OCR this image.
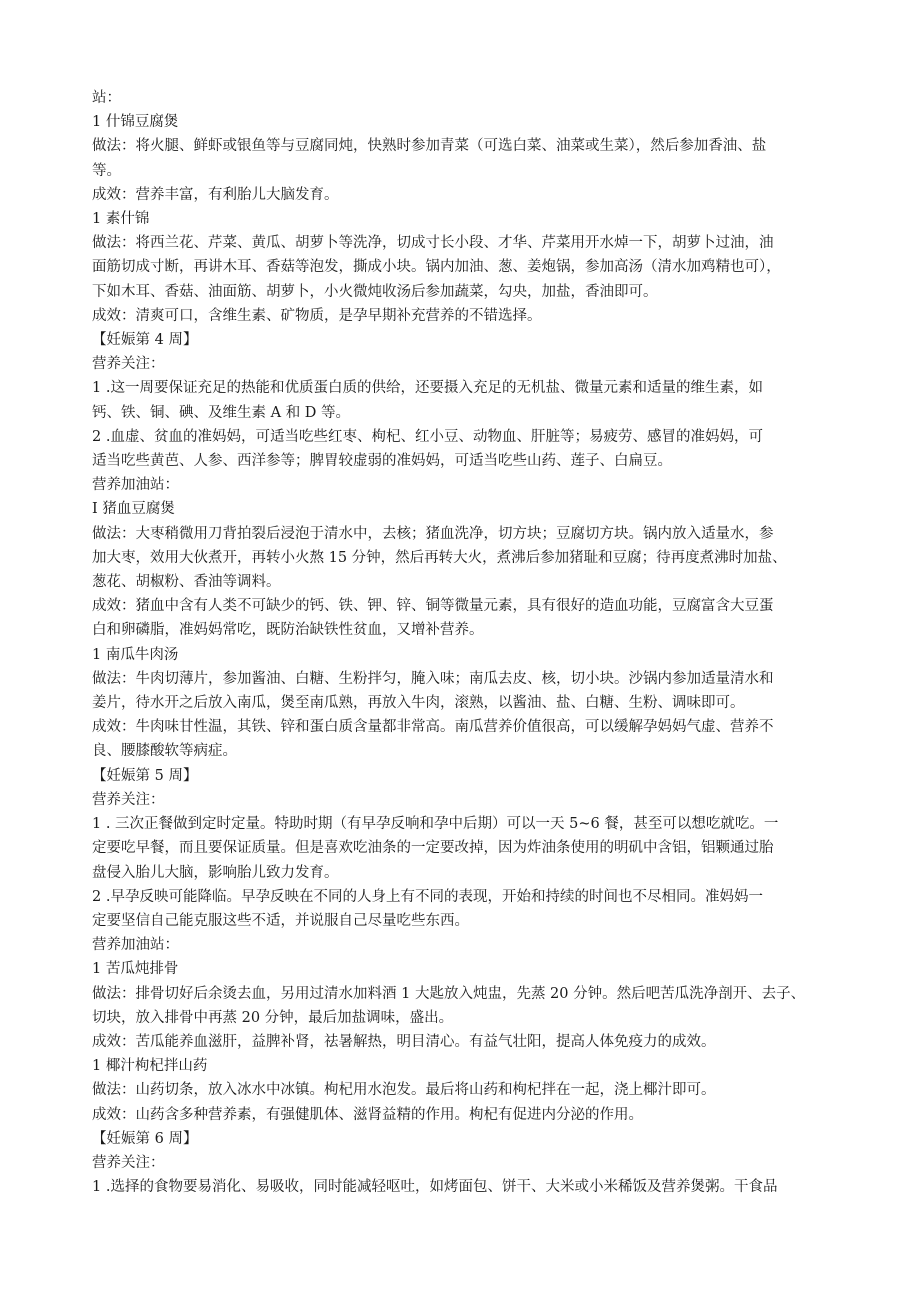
站：
1 什锦豆腐煲
做法：将火腿、鲜虾或银鱼等与豆腐同炖，快熟时参加青菜（可选白菜、油菜或生菜），然后参加香油、盐
等。
成效：营养丰富，有利胎儿大脑发育。
1 素什锦
做法：将西兰花、芹菜、黄瓜、胡萝卜等洗净，切成寸长小段、才华、芹菜用开水焯一下，胡萝卜过油，油
面筋切成寸断，再讲木耳、香菇等泡发，撕成小块。锅内加油、葱、姜炮锅，参加高汤（清水加鸡精也可），
下如木耳、香菇、油面筋、胡萝卜，小火微炖收汤后参加蔬菜，勾央，加盐，香油即可。
成效：清爽可口，含维生素、矿物质，是孕早期补充营养的不错选择。
【妊娠第 4 周】
营养关注：
1 .这一周要保证充足的热能和优质蛋白质的供给，还要摄入充足的无机盐、微量元素和适量的维生素，如
钙、铁、铜、碘、及维生素 A 和 D 等。
2 .血虚、贫血的准妈妈，可适当吃些红枣、枸杞、红小豆、动物血、肝脏等；易疲劳、感冒的准妈妈，可
适当吃些黄芭、人参、西洋参等；脾胃较虚弱的准妈妈，可适当吃些山药、莲子、白扁豆。
营养加油站：
I 猪血豆腐煲
做法：大枣稍微用刀背拍裂后浸泡于清水中，去核；猪血洗净，切方块；豆腐切方块。锅内放入适量水，参
加大枣，效用大伙煮开，再转小火熬 15 分钟，然后再转大火，煮沸后参加猪耻和豆腐；待再度煮沸时加盐、
葱花、胡椒粉、香油等调料。
成效：猪血中含有人类不可缺少的钙、铁、钾、锌、铜等微量元素，具有很好的造血功能，豆腐富含大豆蛋
白和卵磷脂，准妈妈常吃，既防治缺铁性贫血，又增补营养。
1 南瓜牛肉汤
做法：牛肉切薄片，参加酱油、白糖、生粉拌匀，腌入味；南瓜去皮、核，切小块。沙锅内参加适量清水和
姜片，待水开之后放入南瓜，煲至南瓜熟，再放入牛肉，滚熟，以酱油、盐、白糖、生粉、调味即可。
成效：牛肉味甘性温，其铁、锌和蛋白质含量都非常高。南瓜营养价值很高，可以缓解孕妈妈气虚、营养不
良、腰膝酸软等病症。
【妊娠第 5 周】
营养关注：
1 . 三次正餐做到定时定量。特助时期（有早孕反响和孕中后期）可以一天 5~6 餐，甚至可以想吃就吃。一
定要吃早餐，而且要保证质量。但是喜欢吃油条的一定要改掉，因为炸油条使用的明矶中含铝，铝颗通过胎
盘侵入胎儿大脑，影响胎儿致力发育。
2 .早孕反映可能降临。早孕反映在不同的人身上有不同的表现，开始和持续的时间也不尽相同。准妈妈一
定要坚信自己能克服这些不适，并说服自己尽量吃些东西。
营养加油站：
1 苦瓜炖排骨
做法：排骨切好后余烫去血，另用过清水加料酒 1 大匙放入炖盅，先蒸 20 分钟。然后吧苦瓜洗净剖开、去子、
切块，放入排骨中再蒸 20 分钟，最后加盐调味，盛出。
成效：苦瓜能养血滋肝，益脾补肾，祛暑解热，明目清心。有益气壮阳，提高人体免疫力的成效。
1 椰汁枸杞拌山药
做法：山药切条，放入冰水中冰镇。枸杞用水泡发。最后将山药和枸杞拌在一起，浇上椰汁即可。
成效：山药含多种营养素，有强健肌体、滋肾益精的作用。枸杞有促进内分泌的作用。
【妊娠第 6 周】
营养关注：
1 .选择的食物要易消化、易吸收，同时能减轻呕吐，如烤面包、饼干、大米或小米稀饭及营养煲粥。干食品
